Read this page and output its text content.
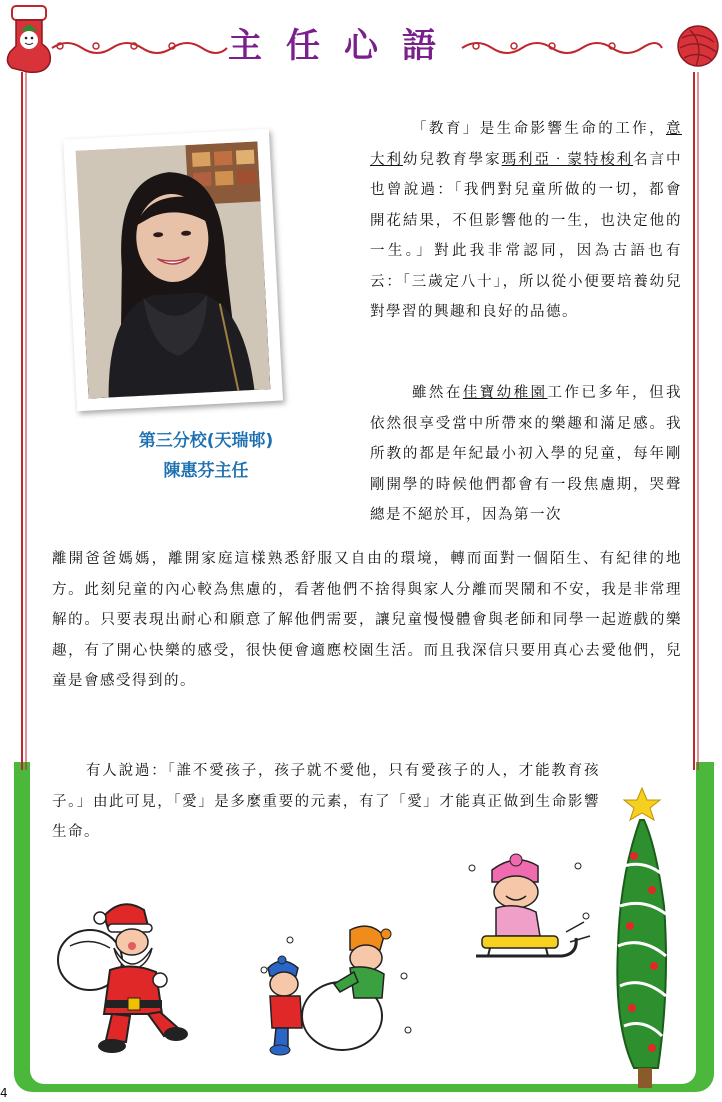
主任心語
第三分校(天瑞邨)
陳惠芬主任

「教育」是生命影響生命的工作，意大利幼兒教育學家瑪利亞‧蒙特梭利名言中也曾說過：「我們對兒童所做的一切，都會開花結果，不但影響他的一生，也決定他的一生。」對此我非常認同，因為古語也有云：「三歲定八十」，所以從小便要培養幼兒對學習的興趣和良好的品德。

雖然在佳寶幼稚園工作已多年，但我依然很享受當中所帶來的樂趣和滿足感。我所教的都是年紀最小初入學的兒童，每年剛剛開學的時候他們都會有一段焦慮期，哭聲總是不絕於耳，因為第一次

離開爸爸媽媽，離開家庭這樣熟悉舒服又自由的環境，轉而面對一個陌生、有紀律的地方。此刻兒童的內心較為焦慮的，看著他們不捨得與家人分離而哭鬧和不安，我是非常理解的。只要表現出耐心和願意了解他們需要，讓兒童慢慢體會與老師和同學一起遊戲的樂趣，有了開心快樂的感受，很快便會適應校園生活。而且我深信只要用真心去愛他們，兒童是會感受得到的。

有人說過：「誰不愛孩子，孩子就不愛他，只有愛孩子的人，才能教育孩子。」由此可見，「愛」是多麼重要的元素，有了「愛」才能真正做到生命影響生命。

4
